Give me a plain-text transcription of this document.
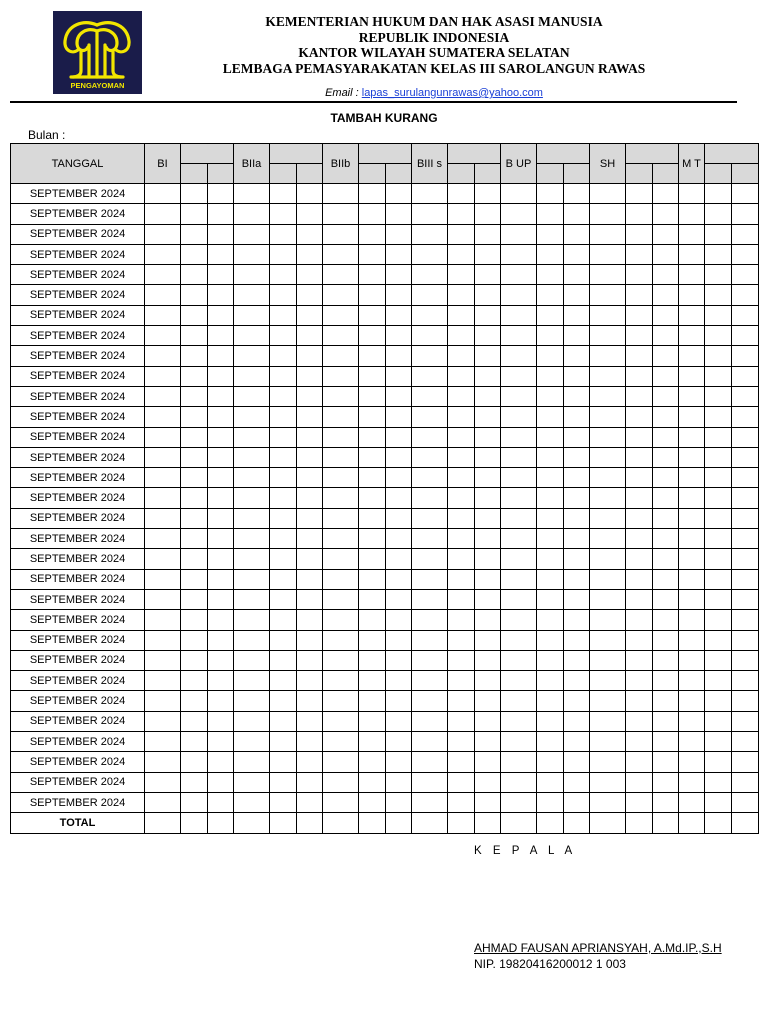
PENGAYOMAN
KEMENTERIAN HUKUM DAN HAK ASASI MANUSIA
REPUBLIK INDONESIA
KANTOR WILAYAH SUMATERA SELATAN
LEMBAGA PEMASYARAKATAN KELAS III SAROLANGUN RAWAS
Email : lapas_surulangunrawas@yahoo.com
TAMBAH KURANG
Bulan :
TANGGAL	BI			BIIa			BIIb			BIII s			B UP			SH			M T		

SEPTEMBER 2024																					
SEPTEMBER 2024																					
SEPTEMBER 2024																					
SEPTEMBER 2024																					
SEPTEMBER 2024																					
SEPTEMBER 2024																					
SEPTEMBER 2024																					
SEPTEMBER 2024																					
SEPTEMBER 2024																					
SEPTEMBER 2024																					
SEPTEMBER 2024																					
SEPTEMBER 2024																					
SEPTEMBER 2024																					
SEPTEMBER 2024																					
SEPTEMBER 2024																					
SEPTEMBER 2024																					
SEPTEMBER 2024																					
SEPTEMBER 2024																					
SEPTEMBER 2024																					
SEPTEMBER 2024																					
SEPTEMBER 2024																					
SEPTEMBER 2024																					
SEPTEMBER 2024																					
SEPTEMBER 2024																					
SEPTEMBER 2024																					
SEPTEMBER 2024																					
SEPTEMBER 2024																					
SEPTEMBER 2024																					
SEPTEMBER 2024																					
SEPTEMBER 2024																					
SEPTEMBER 2024																					
TOTAL																					
K E P A L A
AHMAD FAUSAN APRIANSYAH, A.Md.IP.,S.H
NIP. 19820416200012 1 003
